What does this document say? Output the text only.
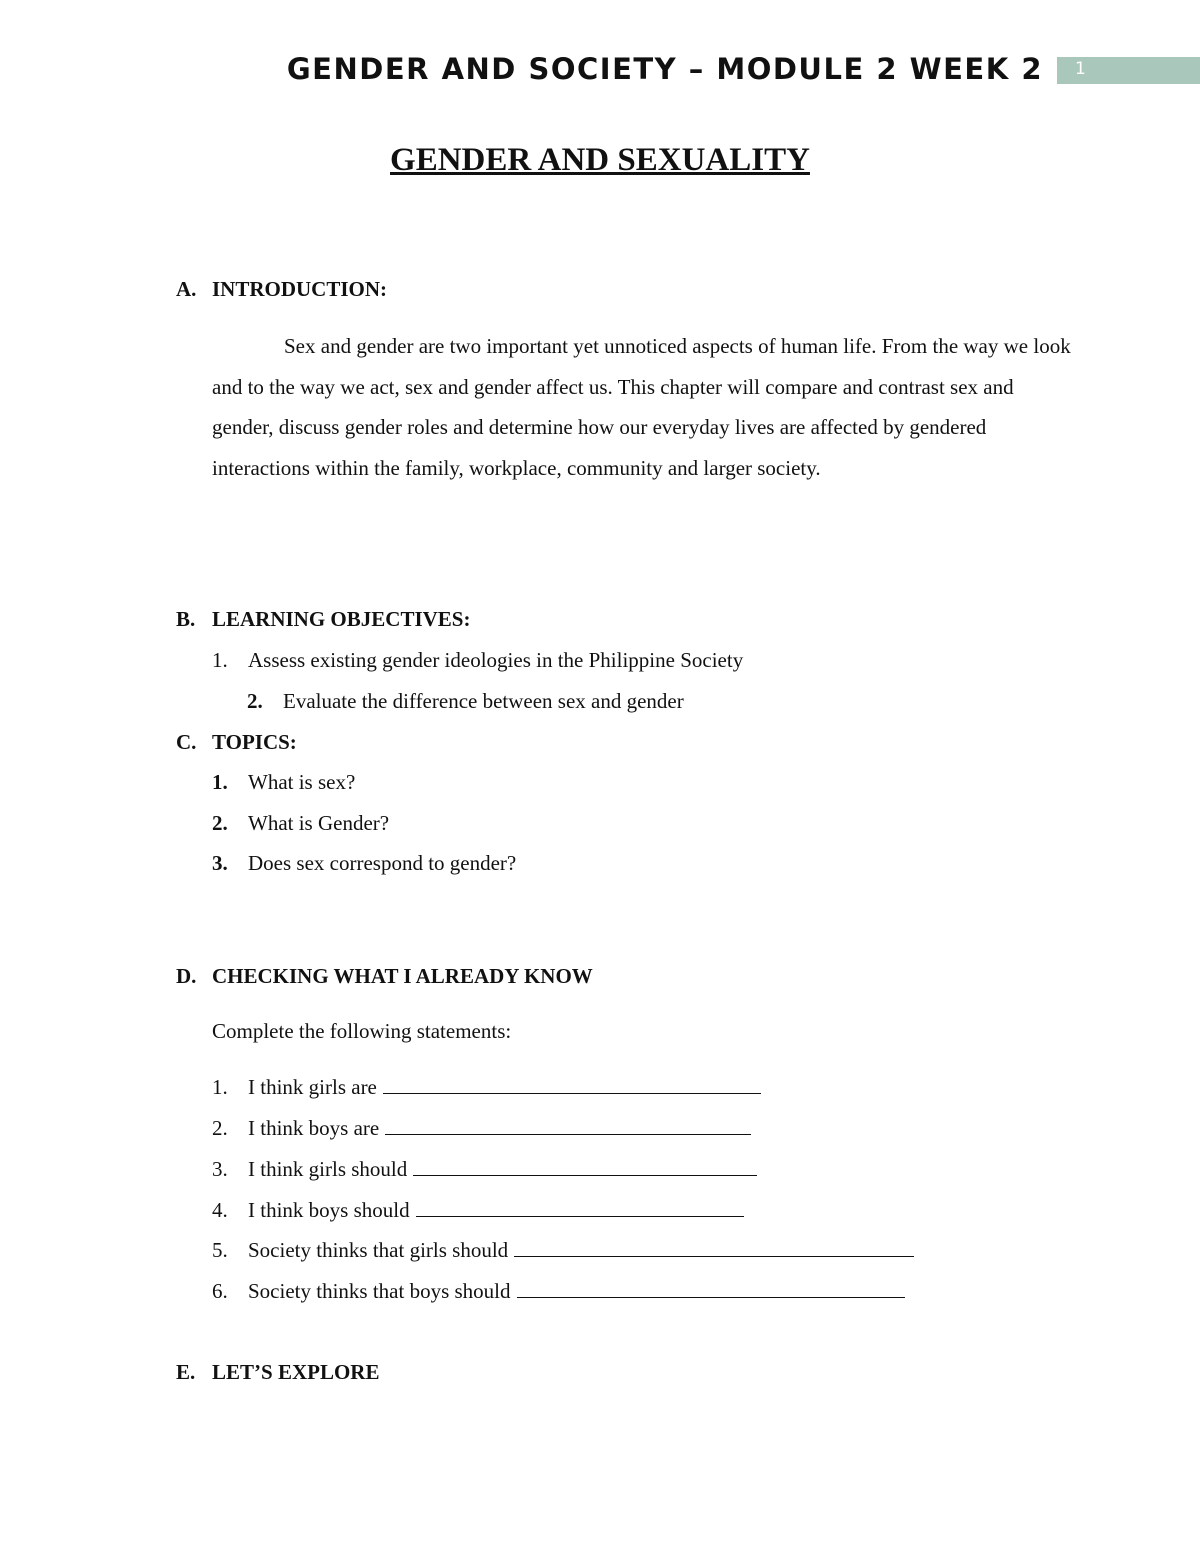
GENDER AND SOCIETY – MODULE 2 WEEK 2 1
GENDER AND SEXUALITY
A. INTRODUCTION:
Sex and gender are two important yet unnoticed aspects of human life. From the way we look and to the way we act, sex and gender affect us. This chapter will compare and contrast sex and gender, discuss gender roles and determine how our everyday lives are affected by gendered interactions within the family, workplace, community and larger society.
B. LEARNING OBJECTIVES:
1. Assess existing gender ideologies in the Philippine Society
2. Evaluate the difference between sex and gender
C. TOPICS:
1. What is sex?
2. What is Gender?
3. Does sex correspond to gender?
D. CHECKING WHAT I ALREADY KNOW
Complete the following statements:
1. I think girls are
2. I think boys are
3. I think girls should
4. I think boys should
5. Society thinks that girls should
6. Society thinks that boys should
E. LET’S EXPLORE
